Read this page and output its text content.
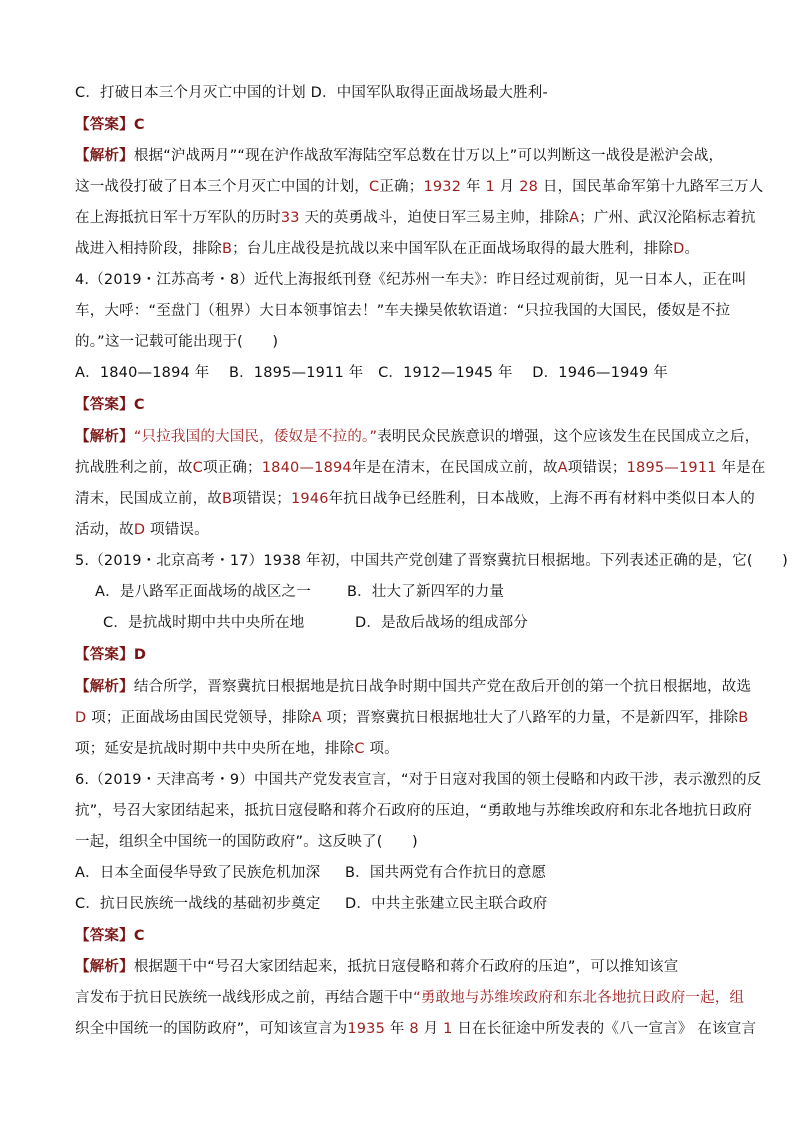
C．打破日本三个月灭亡中国的计划 D．中国军队取得正面战场最大胜利-
【答案】C
【解析】根据“沪战两月”“现在沪作战敌军海陆空军总数在廿万以上”可以判断这一战役是淞沪会战，
这一战役打破了日本三个月灭亡中国的计划，C正确；1932 年 1 月 28 日，国民革命军第十九路军三万人
在上海抵抗日军十万军队的历时33 天的英勇战斗，迫使日军三易主帅，排除A；广州、武汉沦陷标志着抗
战进入相持阶段，排除B；台儿庄战役是抗战以来中国军队在正面战场取得的最大胜利，排除D。
4.（2019・江苏高考・8）近代上海报纸刊登《纪苏州一车夫》：昨日经过观前街，见一日本人，正在叫
车，大呼：“至盘门（租界）大日本领事馆去！”车夫操吴侬软语道：“只拉我国的大国民，倭奴是不拉
的。”这一记载可能出现于(　　)
A．1840—1894 年　 B．1895—1911 年　C．1912—1945 年　 D．1946—1949 年
【答案】C
【解析】“只拉我国的大国民，倭奴是不拉的。”表明民众民族意识的增强，这个应该发生在民国成立之后，
抗战胜利之前，故C项正确；1840—1894年是在清末，在民国成立前，故A项错误；1895—1911 年是在
清末，民国成立前，故B项错误；1946年抗日战争已经胜利，日本战败，上海不再有材料中类似日本人的
活动，故D 项错误。
5.（2019・北京高考・17）1938 年初，中国共产党创建了晋察冀抗日根据地。下列表述正确的是，它(　　)
A．是八路军正面战场的战区之一 B．壮大了新四军的力量
C．是抗战时期中共中央所在地	D．是敌后战场的组成部分
【答案】D
【解析】结合所学，晋察冀抗日根据地是抗日战争时期中国共产党在敌后开创的第一个抗日根据地，故选
D 项；正面战场由国民党领导，排除A 项；晋察冀抗日根据地壮大了八路军的力量，不是新四军，排除B
项；延安是抗战时期中共中央所在地，排除C 项。
6.（2019・天津高考・9）中国共产党发表宣言，“对于日寇对我国的领土侵略和内政干涉，表示激烈的反
抗”，号召大家团结起来，抵抗日寇侵略和蒋介石政府的压迫，“勇敢地与苏维埃政府和东北各地抗日政府
一起，组织全中国统一的国防政府”。这反映了(　　)
A．日本全面侵华导致了民族危机加深 B．国共两党有合作抗日的意愿
C．抗日民族统一战线的基础初步奠定 D．中共主张建立民主联合政府
【答案】C
【解析】根据题干中“号召大家团结起来，抵抗日寇侵略和蒋介石政府的压迫”，可以推知该宣
言发布于抗日民族统一战线形成之前，再结合题干中“勇敢地与苏维埃政府和东北各地抗日政府一起，组
织全中国统一的国防政府”，可知该宣言为1935 年 8 月 1 日在长征途中所发表的《八一宣言》 在该宣言
